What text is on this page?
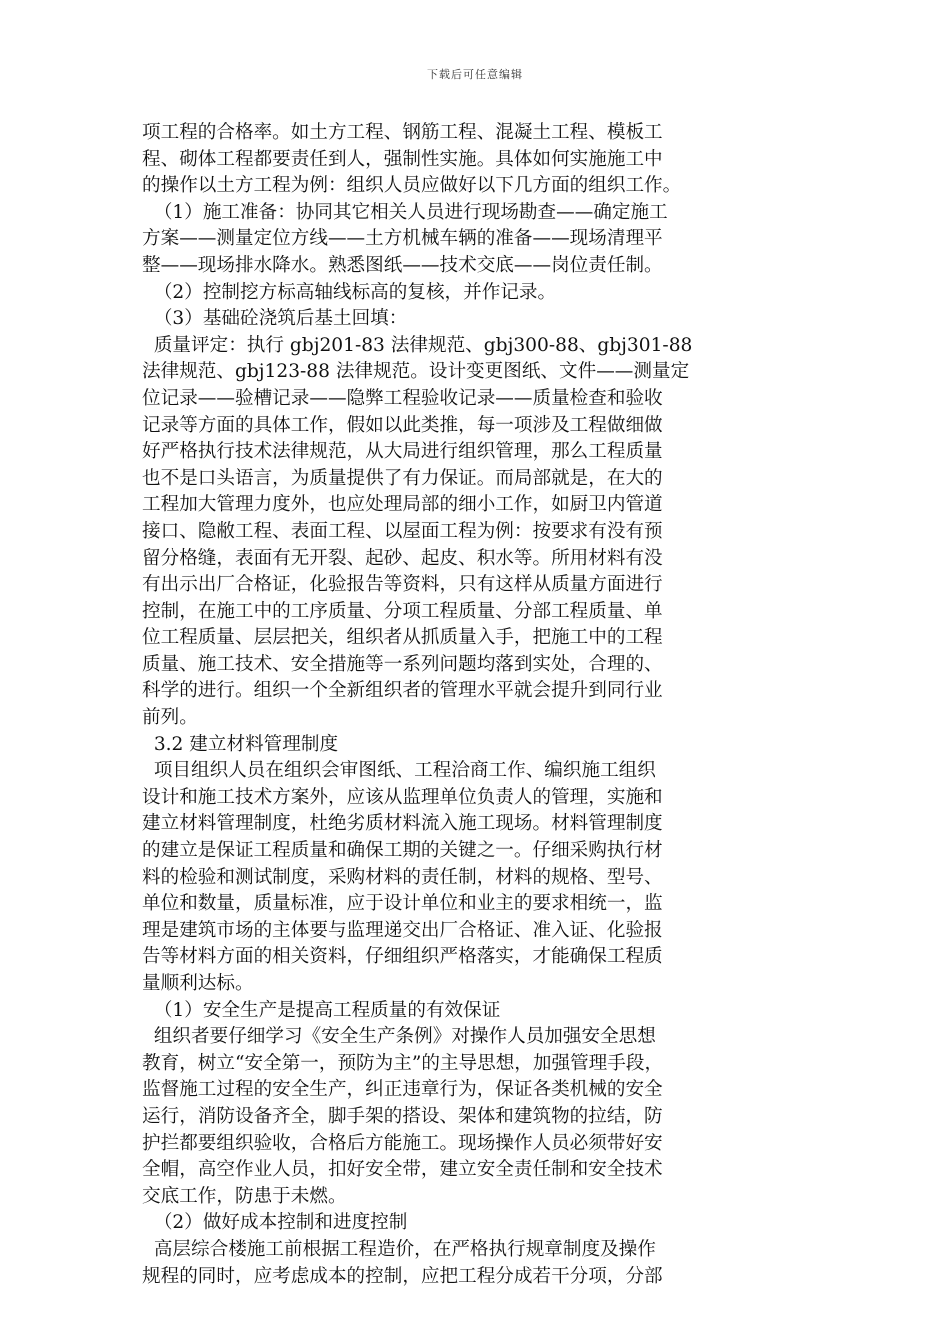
下载后可任意编辑
项工程的合格率。如土方工程、钢筋工程、混凝土工程、模板工
程、砌体工程都要责任到人，强制性实施。具体如何实施施工中
的操作以土方工程为例：组织人员应做好以下几方面的组织工作。
（1）施工准备：协同其它相关人员进行现场勘查——确定施工
方案——测量定位方线——土方机械车辆的准备——现场清理平
整——现场排水降水。熟悉图纸——技术交底——岗位责任制。
（2）控制挖方标高轴线标高的复核，并作记录。
（3）基础砼浇筑后基土回填：
质量评定：执行 gbj201-83 法律规范、gbj300-88、gbj301-88
法律规范、gbj123-88 法律规范。设计变更图纸、文件——测量定
位记录——验槽记录——隐弊工程验收记录——质量检查和验收
记录等方面的具体工作，假如以此类推，每一项涉及工程做细做
好严格执行技术法律规范，从大局进行组织管理，那么工程质量
也不是口头语言，为质量提供了有力保证。而局部就是，在大的
工程加大管理力度外，也应处理局部的细小工作，如厨卫内管道
接口、隐敝工程、表面工程、以屋面工程为例：按要求有没有预
留分格缝，表面有无开裂、起砂、起皮、积水等。所用材料有没
有出示出厂合格证，化验报告等资料，只有这样从质量方面进行
控制，在施工中的工序质量、分项工程质量、分部工程质量、单
位工程质量、层层把关，组织者从抓质量入手，把施工中的工程
质量、施工技术、安全措施等一系列问题均落到实处，合理的、
科学的进行。组织一个全新组织者的管理水平就会提升到同行业
前列。
3.2 建立材料管理制度
项目组织人员在组织会审图纸、工程洽商工作、编织施工组织
设计和施工技术方案外，应该从监理单位负责人的管理，实施和
建立材料管理制度，杜绝劣质材料流入施工现场。材料管理制度
的建立是保证工程质量和确保工期的关键之一。仔细采购执行材
料的检验和测试制度，采购材料的责任制，材料的规格、型号、
单位和数量，质量标准，应于设计单位和业主的要求相统一，监
理是建筑市场的主体要与监理递交出厂合格证、准入证、化验报
告等材料方面的相关资料，仔细组织严格落实，才能确保工程质
量顺利达标。
（1）安全生产是提高工程质量的有效保证
组织者要仔细学习《安全生产条例》对操作人员加强安全思想
教育，树立“安全第一，预防为主”的主导思想，加强管理手段，
监督施工过程的安全生产，纠正违章行为，保证各类机械的安全
运行，消防设备齐全，脚手架的搭设、架体和建筑物的拉结，防
护拦都要组织验收，合格后方能施工。现场操作人员必须带好安
全帽，高空作业人员，扣好安全带，建立安全责任制和安全技术
交底工作，防患于未燃。
（2）做好成本控制和进度控制
高层综合楼施工前根据工程造价，在严格执行规章制度及操作
规程的同时，应考虑成本的控制，应把工程分成若干分项，分部
